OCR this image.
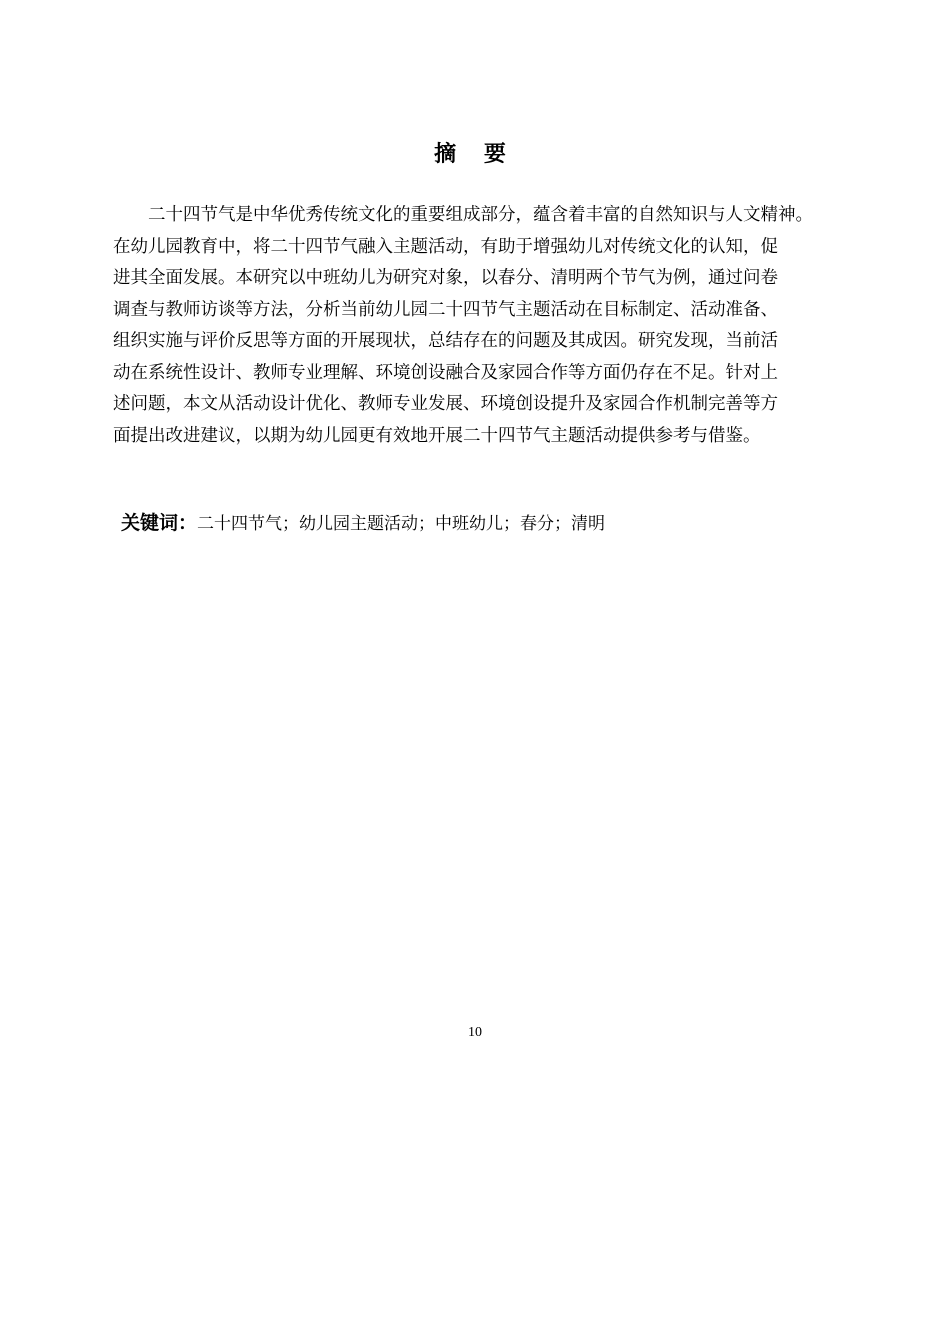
摘 要
二十四节气是中华优秀传统文化的重要组成部分，蕴含着丰富的自然知识与人文精神。
在幼儿园教育中，将二十四节气融入主题活动，有助于增强幼儿对传统文化的认知，促
进其全面发展。本研究以中班幼儿为研究对象，以春分、清明两个节气为例，通过问卷
调查与教师访谈等方法，分析当前幼儿园二十四节气主题活动在目标制定、活动准备、
组织实施与评价反思等方面的开展现状，总结存在的问题及其成因。研究发现，当前活
动在系统性设计、教师专业理解、环境创设融合及家园合作等方面仍存在不足。针对上
述问题，本文从活动设计优化、教师专业发展、环境创设提升及家园合作机制完善等方
面提出改进建议，以期为幼儿园更有效地开展二十四节气主题活动提供参考与借鉴。
关键词：二十四节气；幼儿园主题活动；中班幼儿；春分；清明
10
